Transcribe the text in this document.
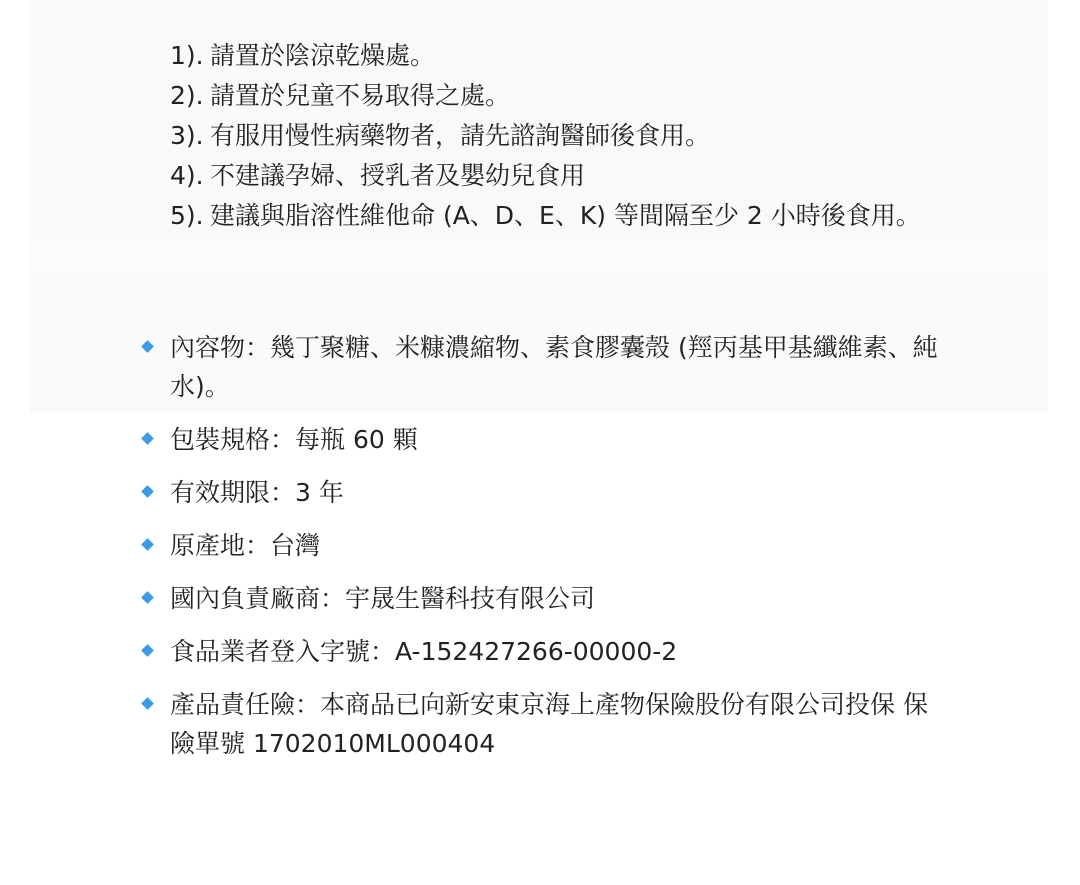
1). 請置於陰涼乾燥處。
2). 請置於兒童不易取得之處。
3). 有服用慢性病藥物者，請先諮詢醫師後食用。
4). 不建議孕婦、授乳者及嬰幼兒食用
5). 建議與脂溶性維他命 (A、D、E、K) 等間隔至少 2 小時後食用。
內容物：幾丁聚糖、米糠濃縮物、素食膠囊殼 (羥丙基甲基纖維素、純水)。
包裝規格：每瓶 60 顆
有效期限：3 年
原產地：台灣
國內負責廠商：宇晟生醫科技有限公司
食品業者登入字號：A-152427266-00000-2
產品責任險：本商品已向新安東京海上產物保險股份有限公司投保 保險單號 1702010ML000404
